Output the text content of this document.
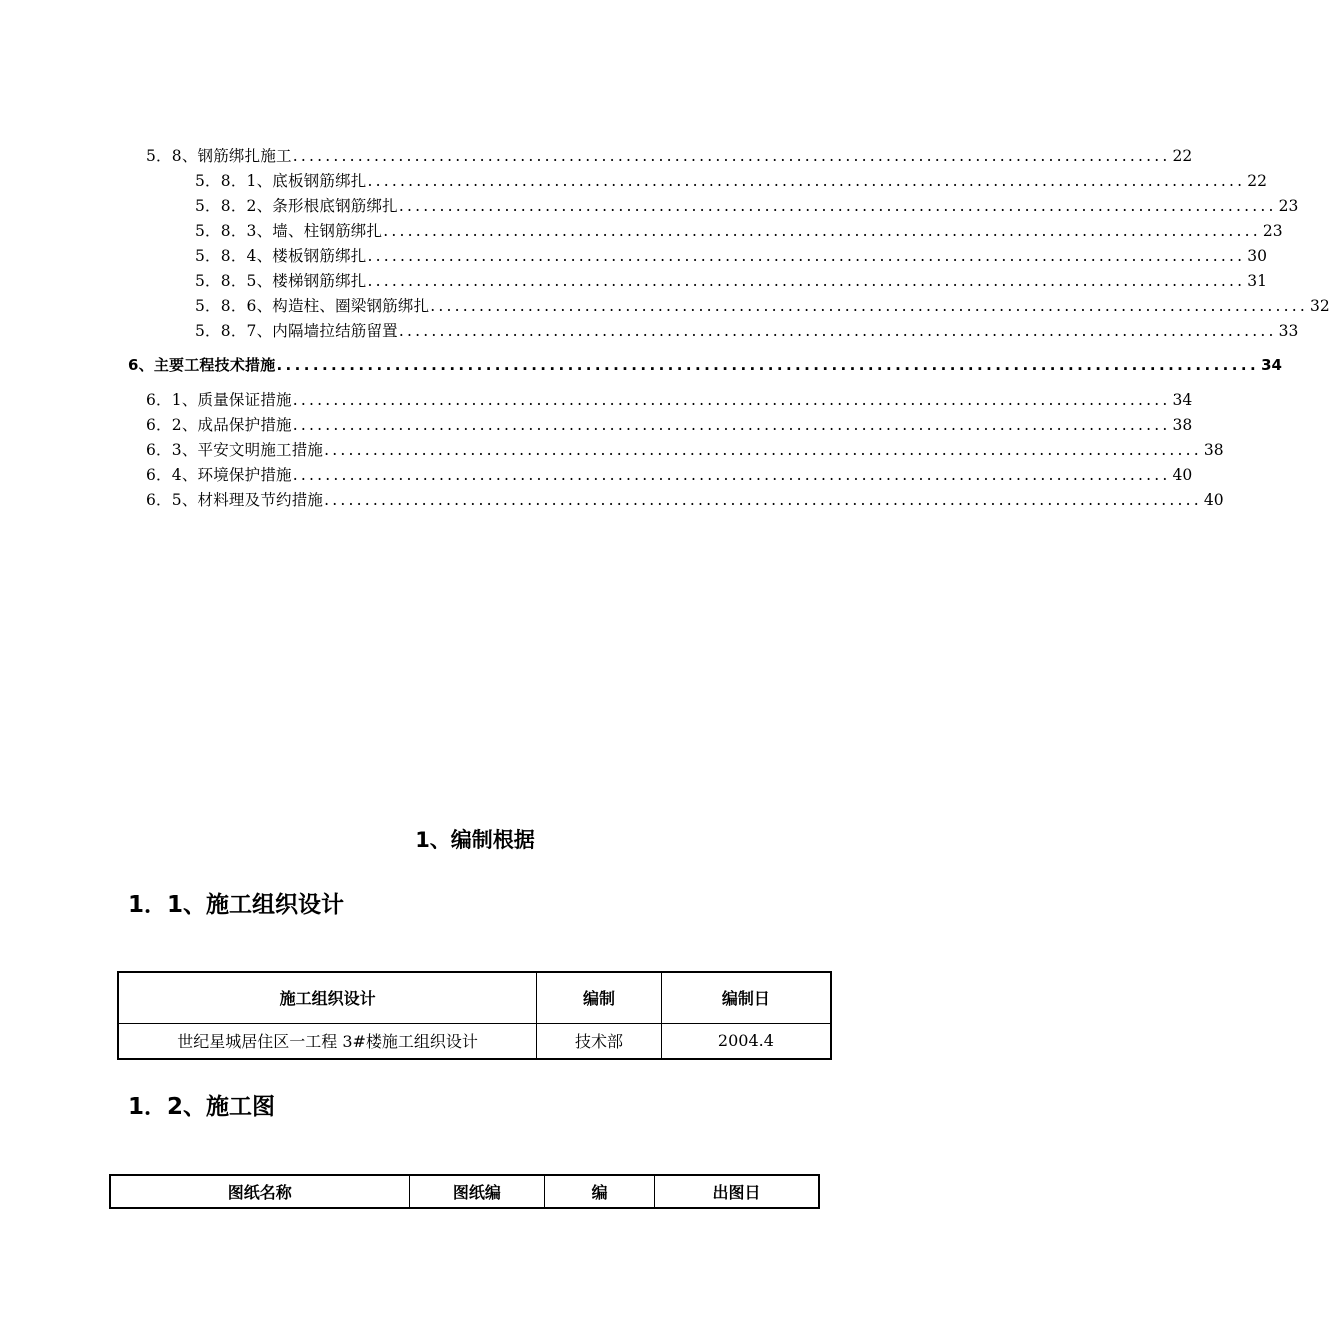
5．8、钢筋绑扎施工 ............................................................................................................ 22
5．8．1、底板钢筋绑扎 ............................................................................................................ 22
5．8．2、条形根底钢筋绑扎 ............................................................................................................ 23
5．8．3、墙、柱钢筋绑扎 ............................................................................................................ 23
5．8．4、楼板钢筋绑扎 ............................................................................................................ 30
5．8．5、楼梯钢筋绑扎 ............................................................................................................ 31
5．8．6、构造柱、圈梁钢筋绑扎 ............................................................................................................ 32
5．8．7、内隔墙拉结筋留置 ............................................................................................................ 33
6、主要工程技术措施 ............................................................................................................ 34
6．1、质量保证措施 ............................................................................................................ 34
6．2、成品保护措施 ............................................................................................................ 38
6．3、平安文明施工措施 ............................................................................................................ 38
6．4、环境保护措施 ............................................................................................................ 40
6．5、材料理及节约措施 ............................................................................................................ 40
1、编制根据
1．1、施工组织设计
施工组织设计	编制	编制日
世纪星城居住区一工程 3#楼施工组织设计	技术部	2004.4
1．2、施工图
图纸名称	图纸编	编	出图日
